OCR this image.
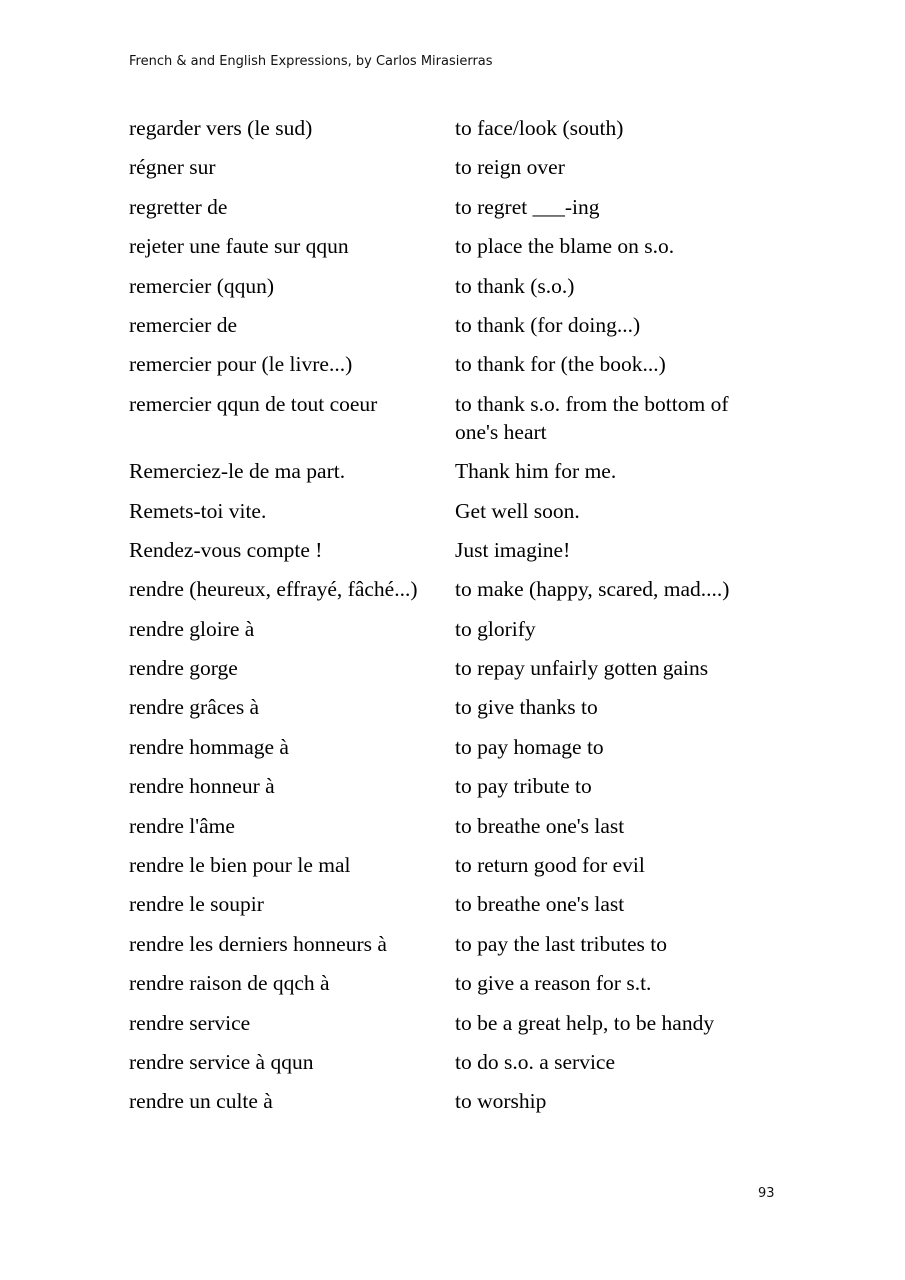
French & and English Expressions, by Carlos Mirasierras
regarder vers (le sud)	to face/look (south)
régner sur	to reign over
regretter de	to regret ___-ing
rejeter une faute sur qqun	to place the blame on s.o.
remercier (qqun)	to thank (s.o.)
remercier de	to thank (for doing...)
remercier pour (le livre...)	to thank for (the book...)
remercier qqun de tout coeur	to thank s.o. from the bottom of one's heart
Remerciez-le de ma part.	Thank him for me.
Remets-toi vite.	Get well soon.
Rendez-vous compte !	Just imagine!
rendre (heureux, effrayé, fâché...)	to make (happy, scared, mad....)
rendre gloire à	to glorify
rendre gorge	to repay unfairly gotten gains
rendre grâces à	to give thanks to
rendre hommage à	to pay homage to
rendre honneur à	to pay tribute to
rendre l'âme	to breathe one's last
rendre le bien pour le mal	to return good for evil
rendre le soupir	to breathe one's last
rendre les derniers honneurs à	to pay the last tributes to
rendre raison de qqch à	to give a reason for s.t.
rendre service	to be a great help, to be handy
rendre service à qqun	to do s.o. a service
rendre un culte à	to worship
93
